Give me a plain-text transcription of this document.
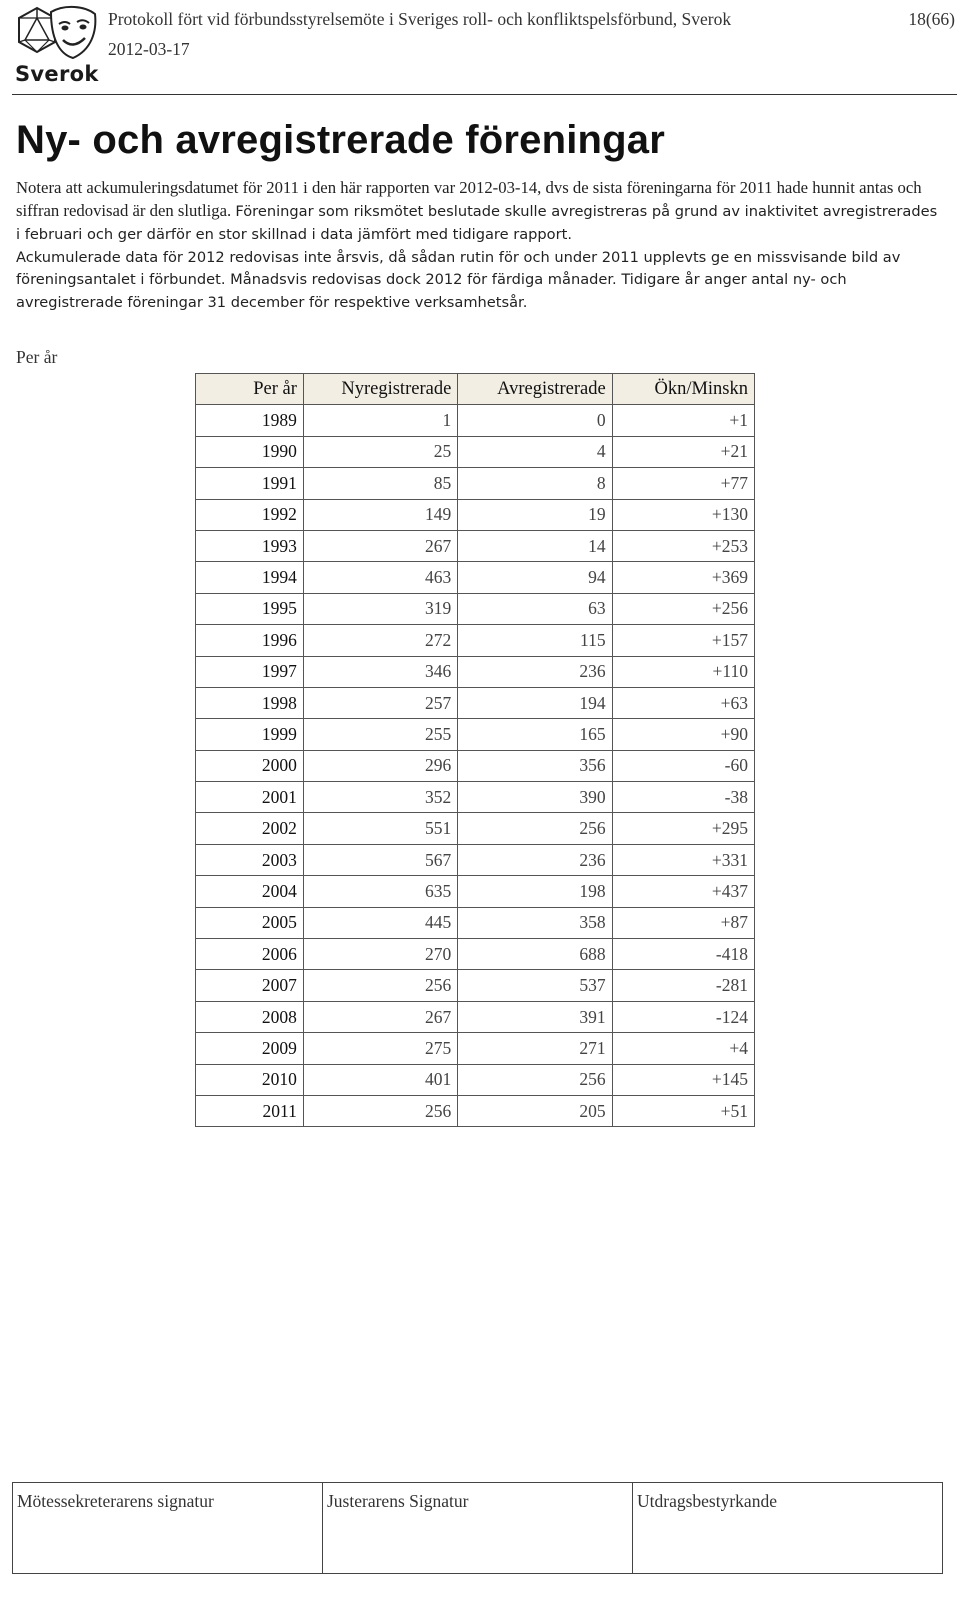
Sverok
Protokoll fört vid förbundsstyrelsemöte i Sveriges roll- och konfliktspelsförbund, Sverok
2012-03-17
18(66)
Ny- och avregistrerade föreningar

Notera att ackumuleringsdatumet för 2011 i den här rapporten var 2012-03-14, dvs de sista föreningarna för 2011 hade hunnit antas och siffran redovisad är den slutliga. Föreningar som riksmötet beslutade skulle avregistreras på grund av inaktivitet avregistrerades i februari och ger därför en stor skillnad i data jämfört med tidigare rapport.

Ackumulerade data för 2012 redovisas inte årsvis, då sådan rutin för och under 2011 upplevts ge en missvisande bild av föreningsantalet i förbundet. Månadsvis redovisas dock 2012 för färdiga månader. Tidigare år anger antal ny- och avregistrerade föreningar 31 december för respektive verksamhetsår.

Per år
Per år	Nyregistrerade	Avregistrerade	Ökn/Minskn
1989	1	0	+1
1990	25	4	+21
1991	85	8	+77
1992	149	19	+130
1993	267	14	+253
1994	463	94	+369
1995	319	63	+256
1996	272	115	+157
1997	346	236	+110
1998	257	194	+63
1999	255	165	+90
2000	296	356	-60
2001	352	390	-38
2002	551	256	+295
2003	567	236	+331
2004	635	198	+437
2005	445	358	+87
2006	270	688	-418
2007	256	537	-281
2008	267	391	-124
2009	275	271	+4
2010	401	256	+145
2011	256	205	+51
Mötessekreterarens signatur	Justerarens Signatur	Utdragsbestyrkande
